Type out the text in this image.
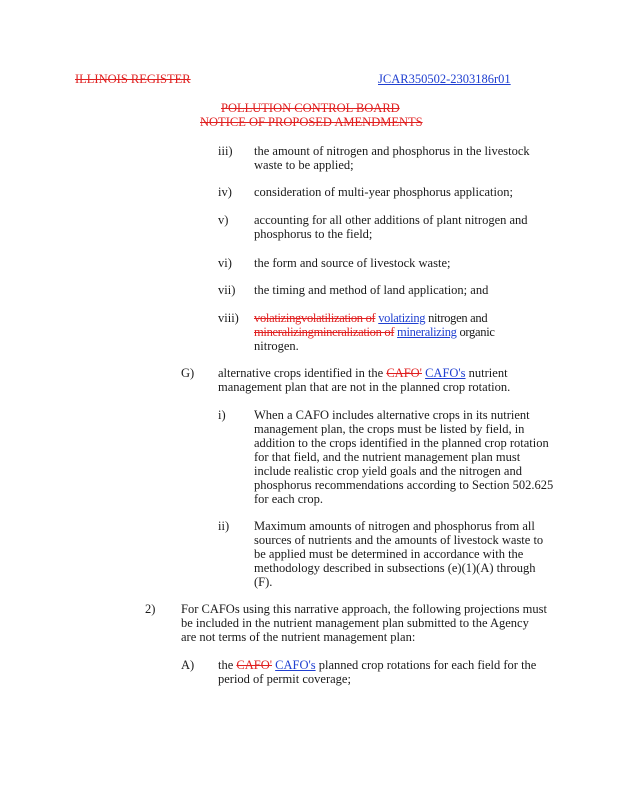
ILLINOIS REGISTER	JCAR350502-2303186r01
POLLUTION CONTROL BOARD
NOTICE OF PROPOSED AMENDMENTS
iii) the amount of nitrogen and phosphorus in the livestock
waste to be applied;
iv) consideration of multi-year phosphorus application;
v) accounting for all other additions of plant nitrogen and
phosphorus to the field;
vi) the form and source of livestock waste;
vii) the timing and method of land application; and
viii) volatizingvolatilization of volatizing nitrogen and
mineralizingmineralization of mineralizing organic
nitrogen.
G) alternative crops identified in the CAFO' CAFO's nutrient
management plan that are not in the planned crop rotation.
i) When a CAFO includes alternative crops in its nutrient
management plan, the crops must be listed by field, in
addition to the crops identified in the planned crop rotation
for that field, and the nutrient management plan must
include realistic crop yield goals and the nitrogen and
phosphorus recommendations according to Section 502.625
for each crop.
ii) Maximum amounts of nitrogen and phosphorus from all
sources of nutrients and the amounts of livestock waste to
be applied must be determined in accordance with the
methodology described in subsections (e)(1)(A) through
(F).
2) For CAFOs using this narrative approach, the following projections must
be included in the nutrient management plan submitted to the Agency
are not terms of the nutrient management plan:
A) the CAFO' CAFO's planned crop rotations for each field for the
period of permit coverage;
